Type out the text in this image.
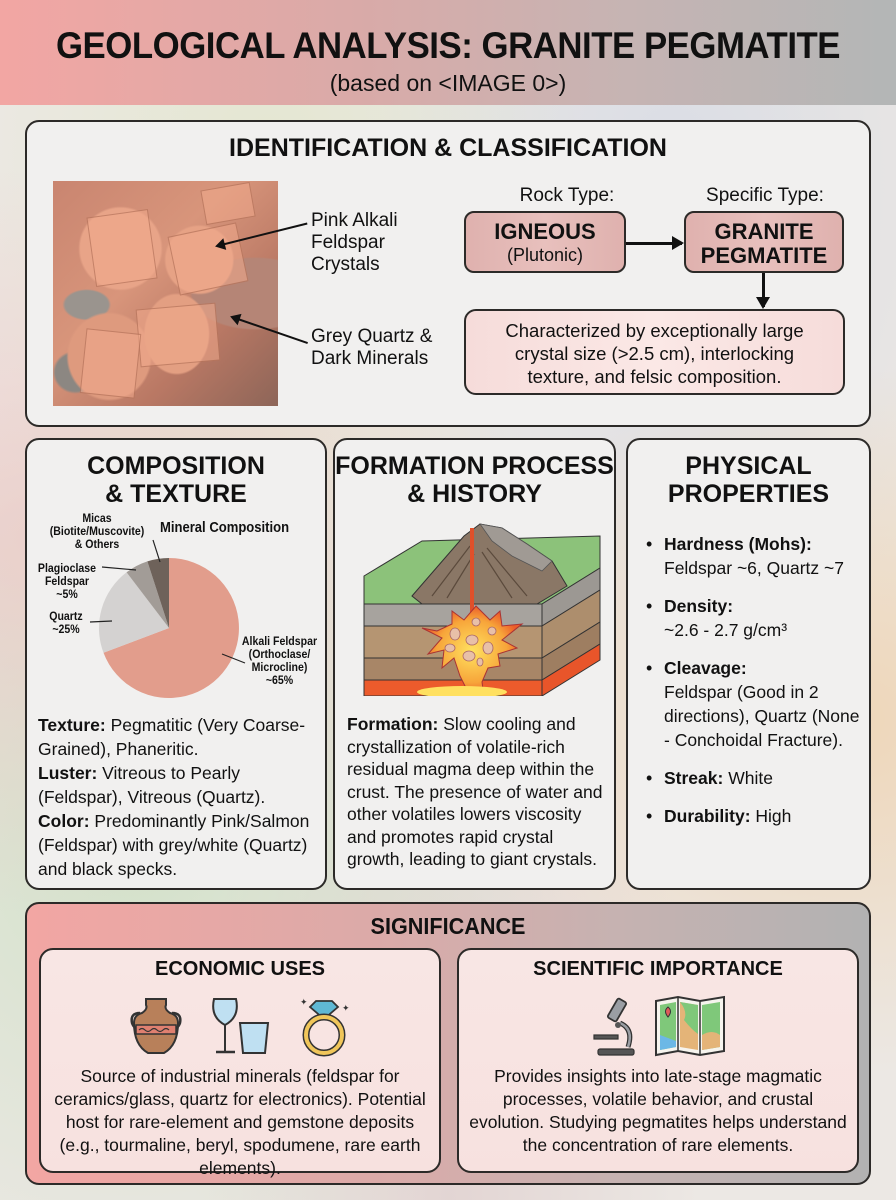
GEOLOGICAL ANALYSIS: GRANITE PEGMATITE
(based on <IMAGE 0>)
IDENTIFICATION & CLASSIFICATION
Pink Alkali
Feldspar
Crystals
Grey Quartz &
Dark Minerals
Rock Type:	Specific Type:
IGNEOUS
(Plutonic)
GRANITE
PEGMATITE
Characterized by exceptionally large
crystal size (>2.5 cm), interlocking
texture, and felsic composition.
COMPOSITION
& TEXTURE
Mineral Composition
Micas
(Biotite/Muscovite)
& Others
Plagioclase
Feldspar
~5%
Quartz
~25%
Alkali Feldspar
(Orthoclase/
Microcline)
~65%
Texture: Pegmatitic (Very Coarse-Grained), Phaneritic.
Luster: Vitreous to Pearly (Feldspar), Vitreous (Quartz).
Color: Predominantly Pink/Salmon (Feldspar) with grey/white (Quartz) and black specks.
FORMATION PROCESS
& HISTORY
Formation: Slow cooling and crystallization of volatile-rich residual magma deep within the crust. The presence of water and other volatiles lowers viscosity and promotes rapid crystal growth, leading to giant crystals.
PHYSICAL
PROPERTIES
• Hardness (Mohs):
Feldspar ~6, Quartz ~7
• Density:
~2.6 - 2.7 g/cm³
• Cleavage:
Feldspar (Good in 2 directions), Quartz (None - Conchoidal Fracture).
• Streak: White
• Durability: High
SIGNIFICANCE
ECONOMIC USES
✦
✦
Source of industrial minerals (feldspar for ceramics/glass, quartz for electronics). Potential host for rare-element and gemstone deposits (e.g., tourmaline, beryl, spodumene, rare earth elements).
SCIENTIFIC IMPORTANCE
Provides insights into late-stage magmatic processes, volatile behavior, and crustal evolution. Studying pegmatites helps understand the concentration of rare elements.
